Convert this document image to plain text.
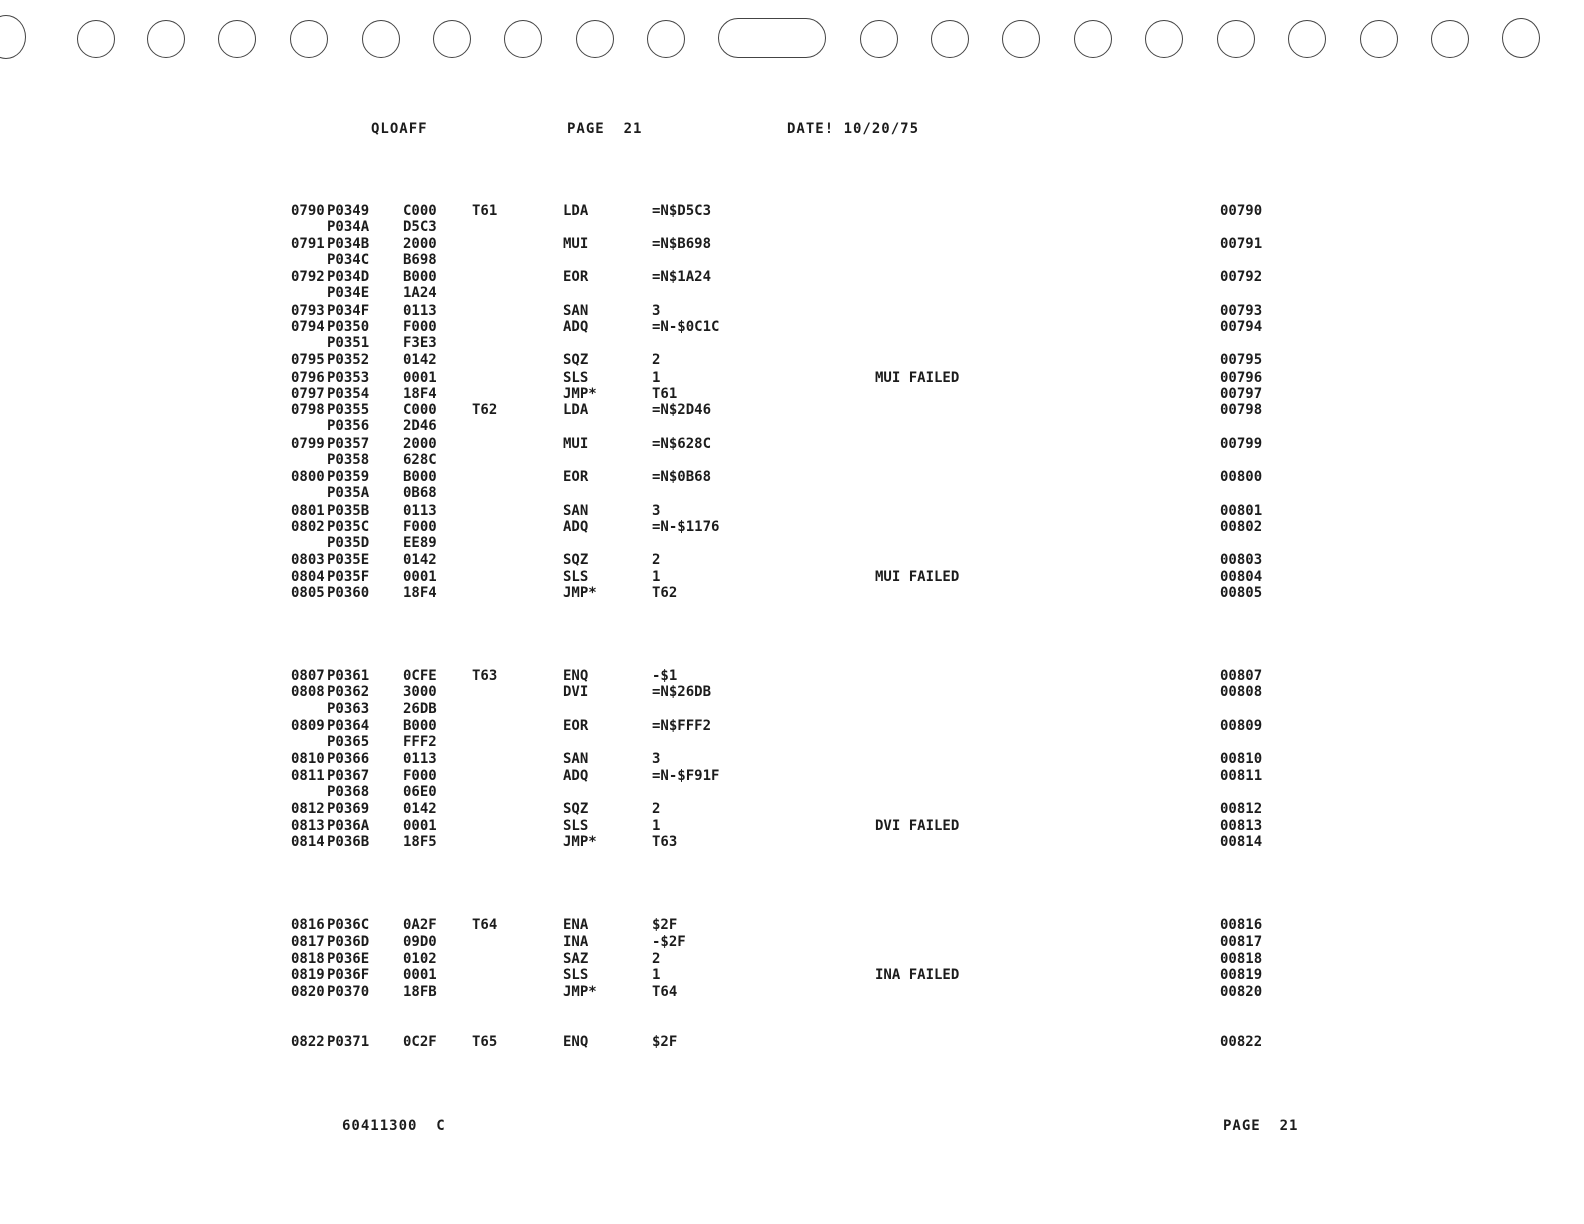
QLOAFF	PAGE  21	DATE! 10/20/75
0790 P0349 C000	T61	LDA	=N$D5C3	00790
P034A D5C3
0791 P034B 2000	MUI	=N$B698	00791
P034C B698
0792 P034D B000	EOR	=N$1A24	00792
P034E 1A24
0793 P034F 0113	SAN	3	00793
0794 P0350 F000	ADQ	=N-$0C1C	00794
P0351 F3E3
0795 P0352 0142	SQZ	2	00795
0796 P0353 0001	SLS	1	MUI FAILED	00796
0797 P0354 18F4	JMP*	T61	00797
0798 P0355 C000	T62	LDA	=N$2D46	00798
P0356 2D46
0799 P0357 2000	MUI	=N$628C	00799
P0358 628C
0800 P0359 B000	EOR	=N$0B68	00800
P035A 0B68
0801 P035B 0113	SAN	3	00801
0802 P035C F000	ADQ	=N-$1176	00802
P035D EE89
0803 P035E 0142	SQZ	2	00803
0804 P035F 0001	SLS	1	MUI FAILED	00804
0805 P0360 18F4	JMP*	T62	00805
0807 P0361 0CFE	T63	ENQ	-$1	00807
0808 P0362 3000	DVI	=N$26DB	00808
P0363 26DB
0809 P0364 B000	EOR	=N$FFF2	00809
P0365 FFF2
0810 P0366 0113	SAN	3	00810
0811 P0367 F000	ADQ	=N-$F91F	00811
P0368 06E0
0812 P0369 0142	SQZ	2	00812
0813 P036A 0001	SLS	1	DVI FAILED	00813
0814 P036B 18F5	JMP*	T63	00814
0816 P036C 0A2F	T64	ENA	$2F	00816
0817 P036D 09D0	INA	-$2F	00817
0818 P036E 0102	SAZ	2	00818
0819 P036F 0001	SLS	1	INA FAILED	00819
0820 P0370 18FB	JMP*	T64	00820
0822 P0371 0C2F	T65	ENQ	$2F	00822
60411300  C	PAGE  21
